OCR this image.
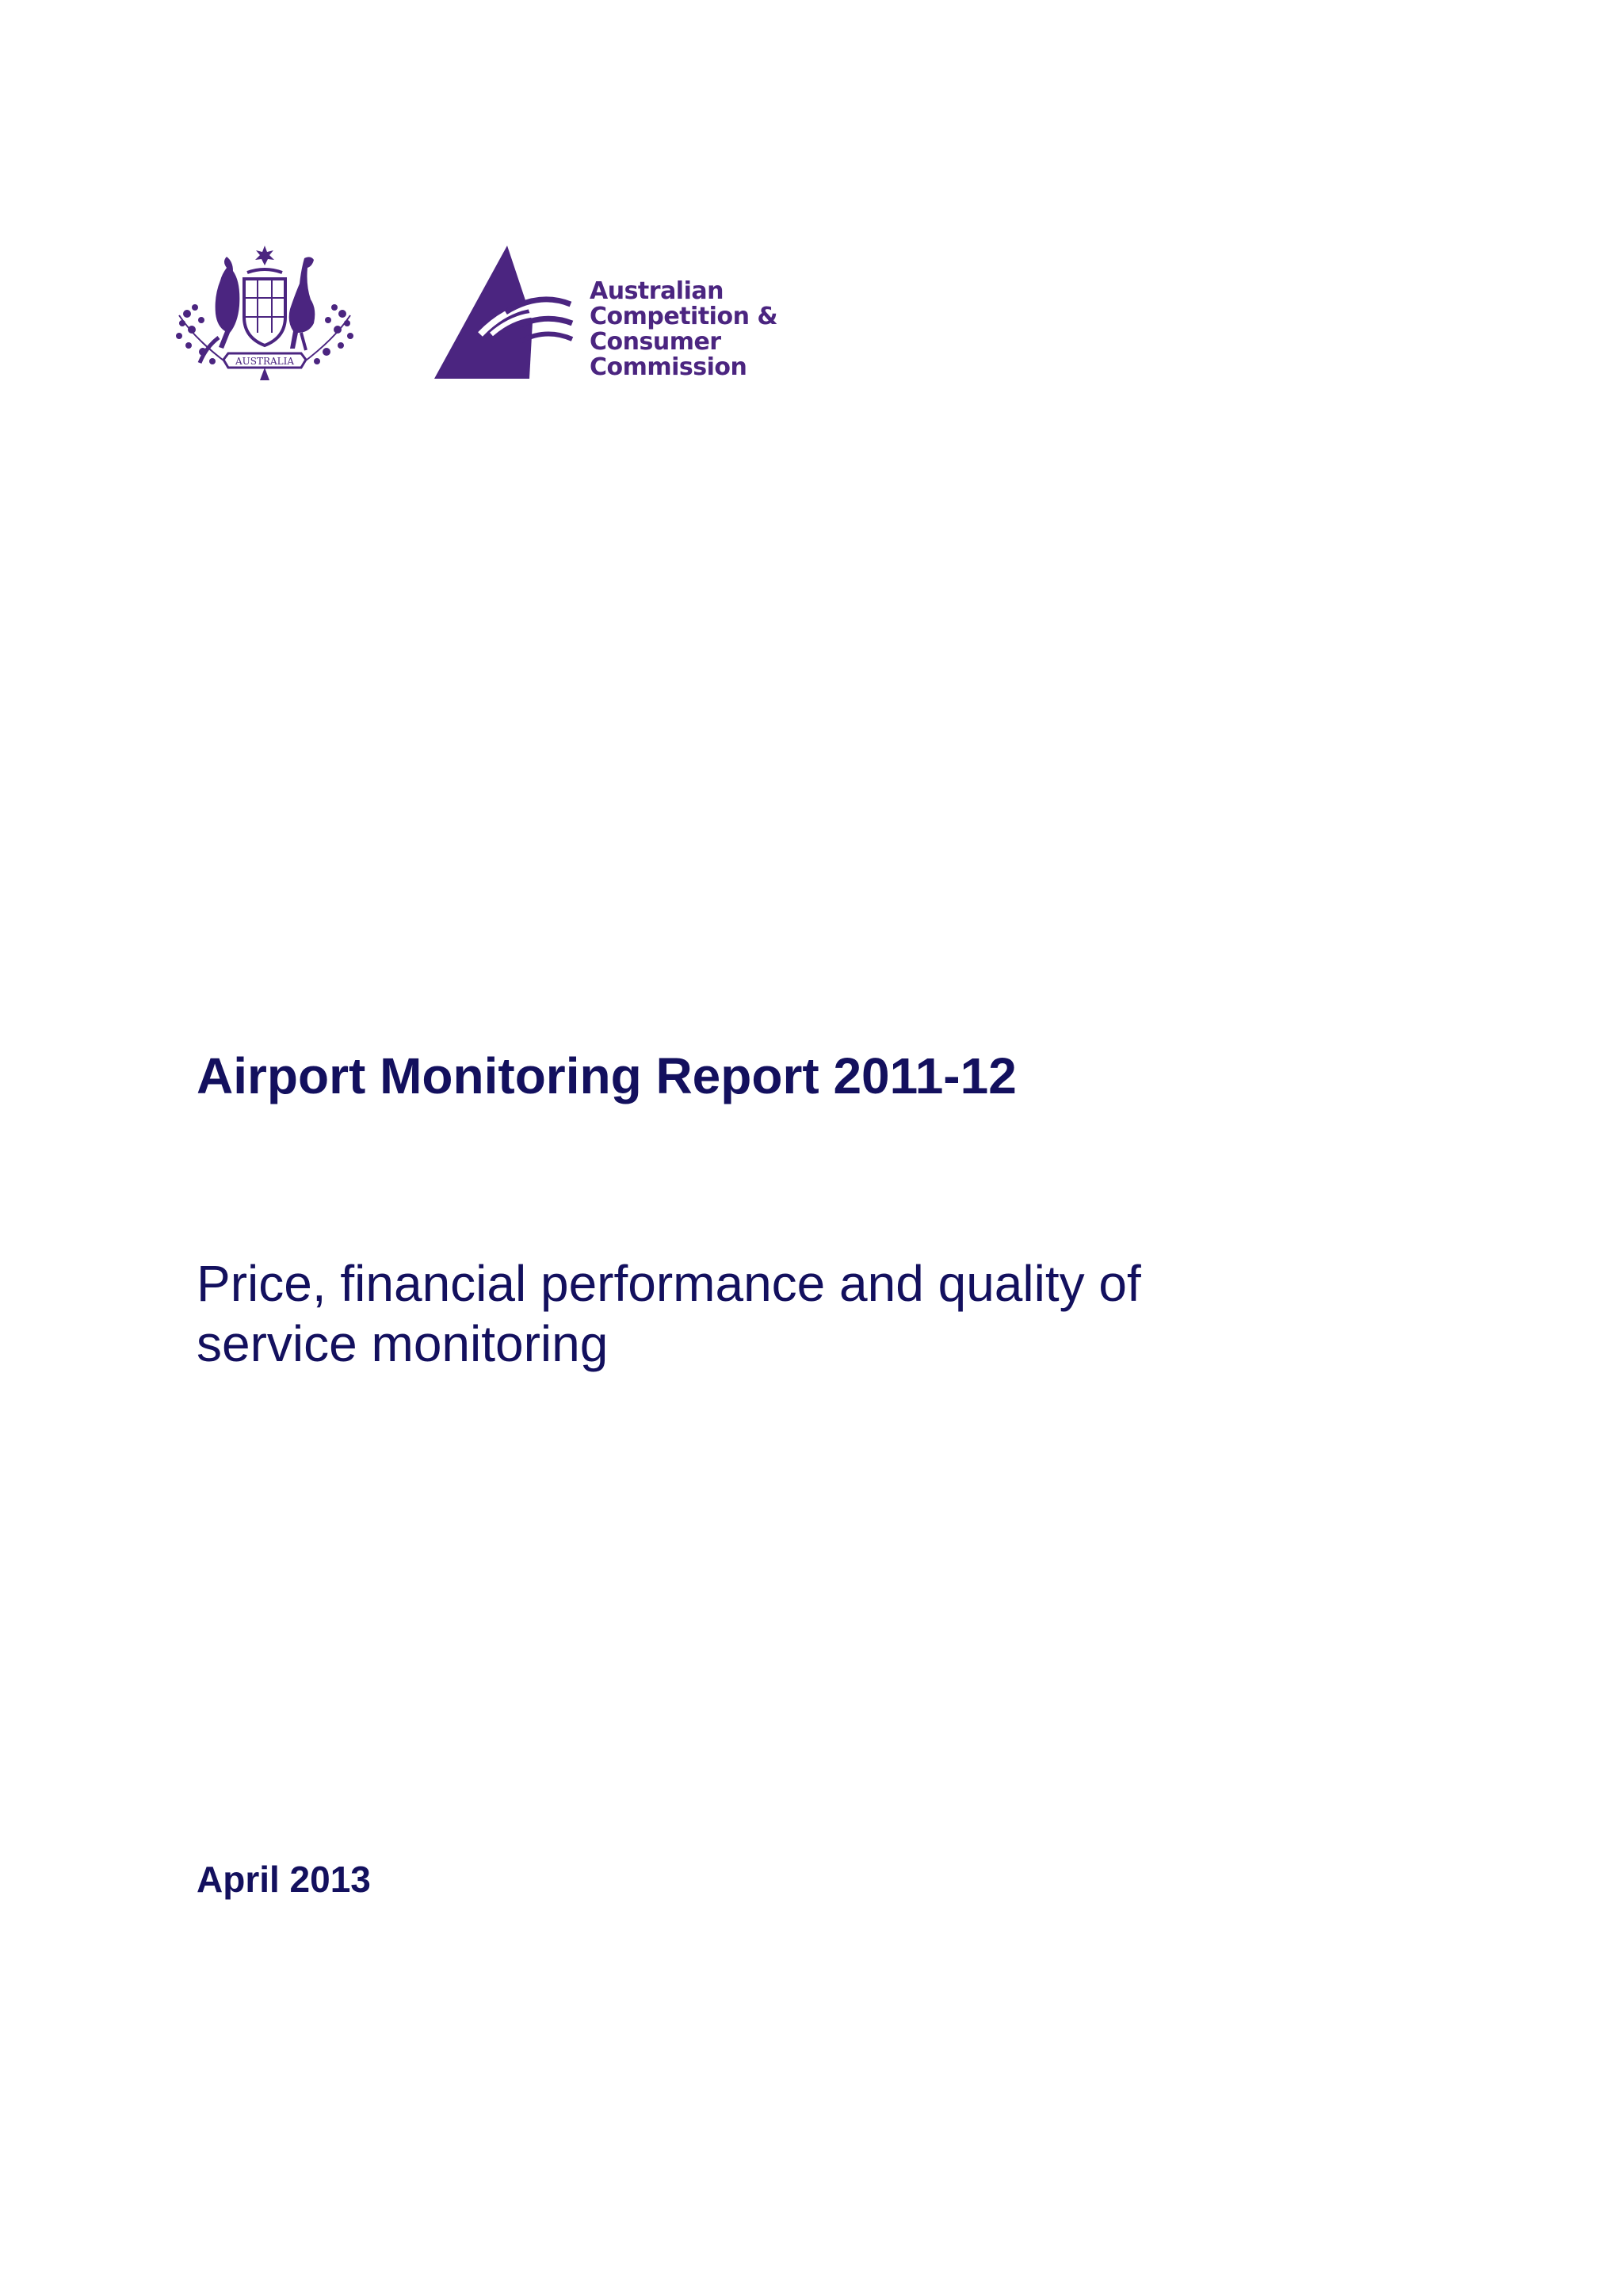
AUSTRALIA
Australian
Competition &
Consumer
Commission
Airport Monitoring Report 2011-12
Price, financial performance and quality of
service monitoring

April 2013
